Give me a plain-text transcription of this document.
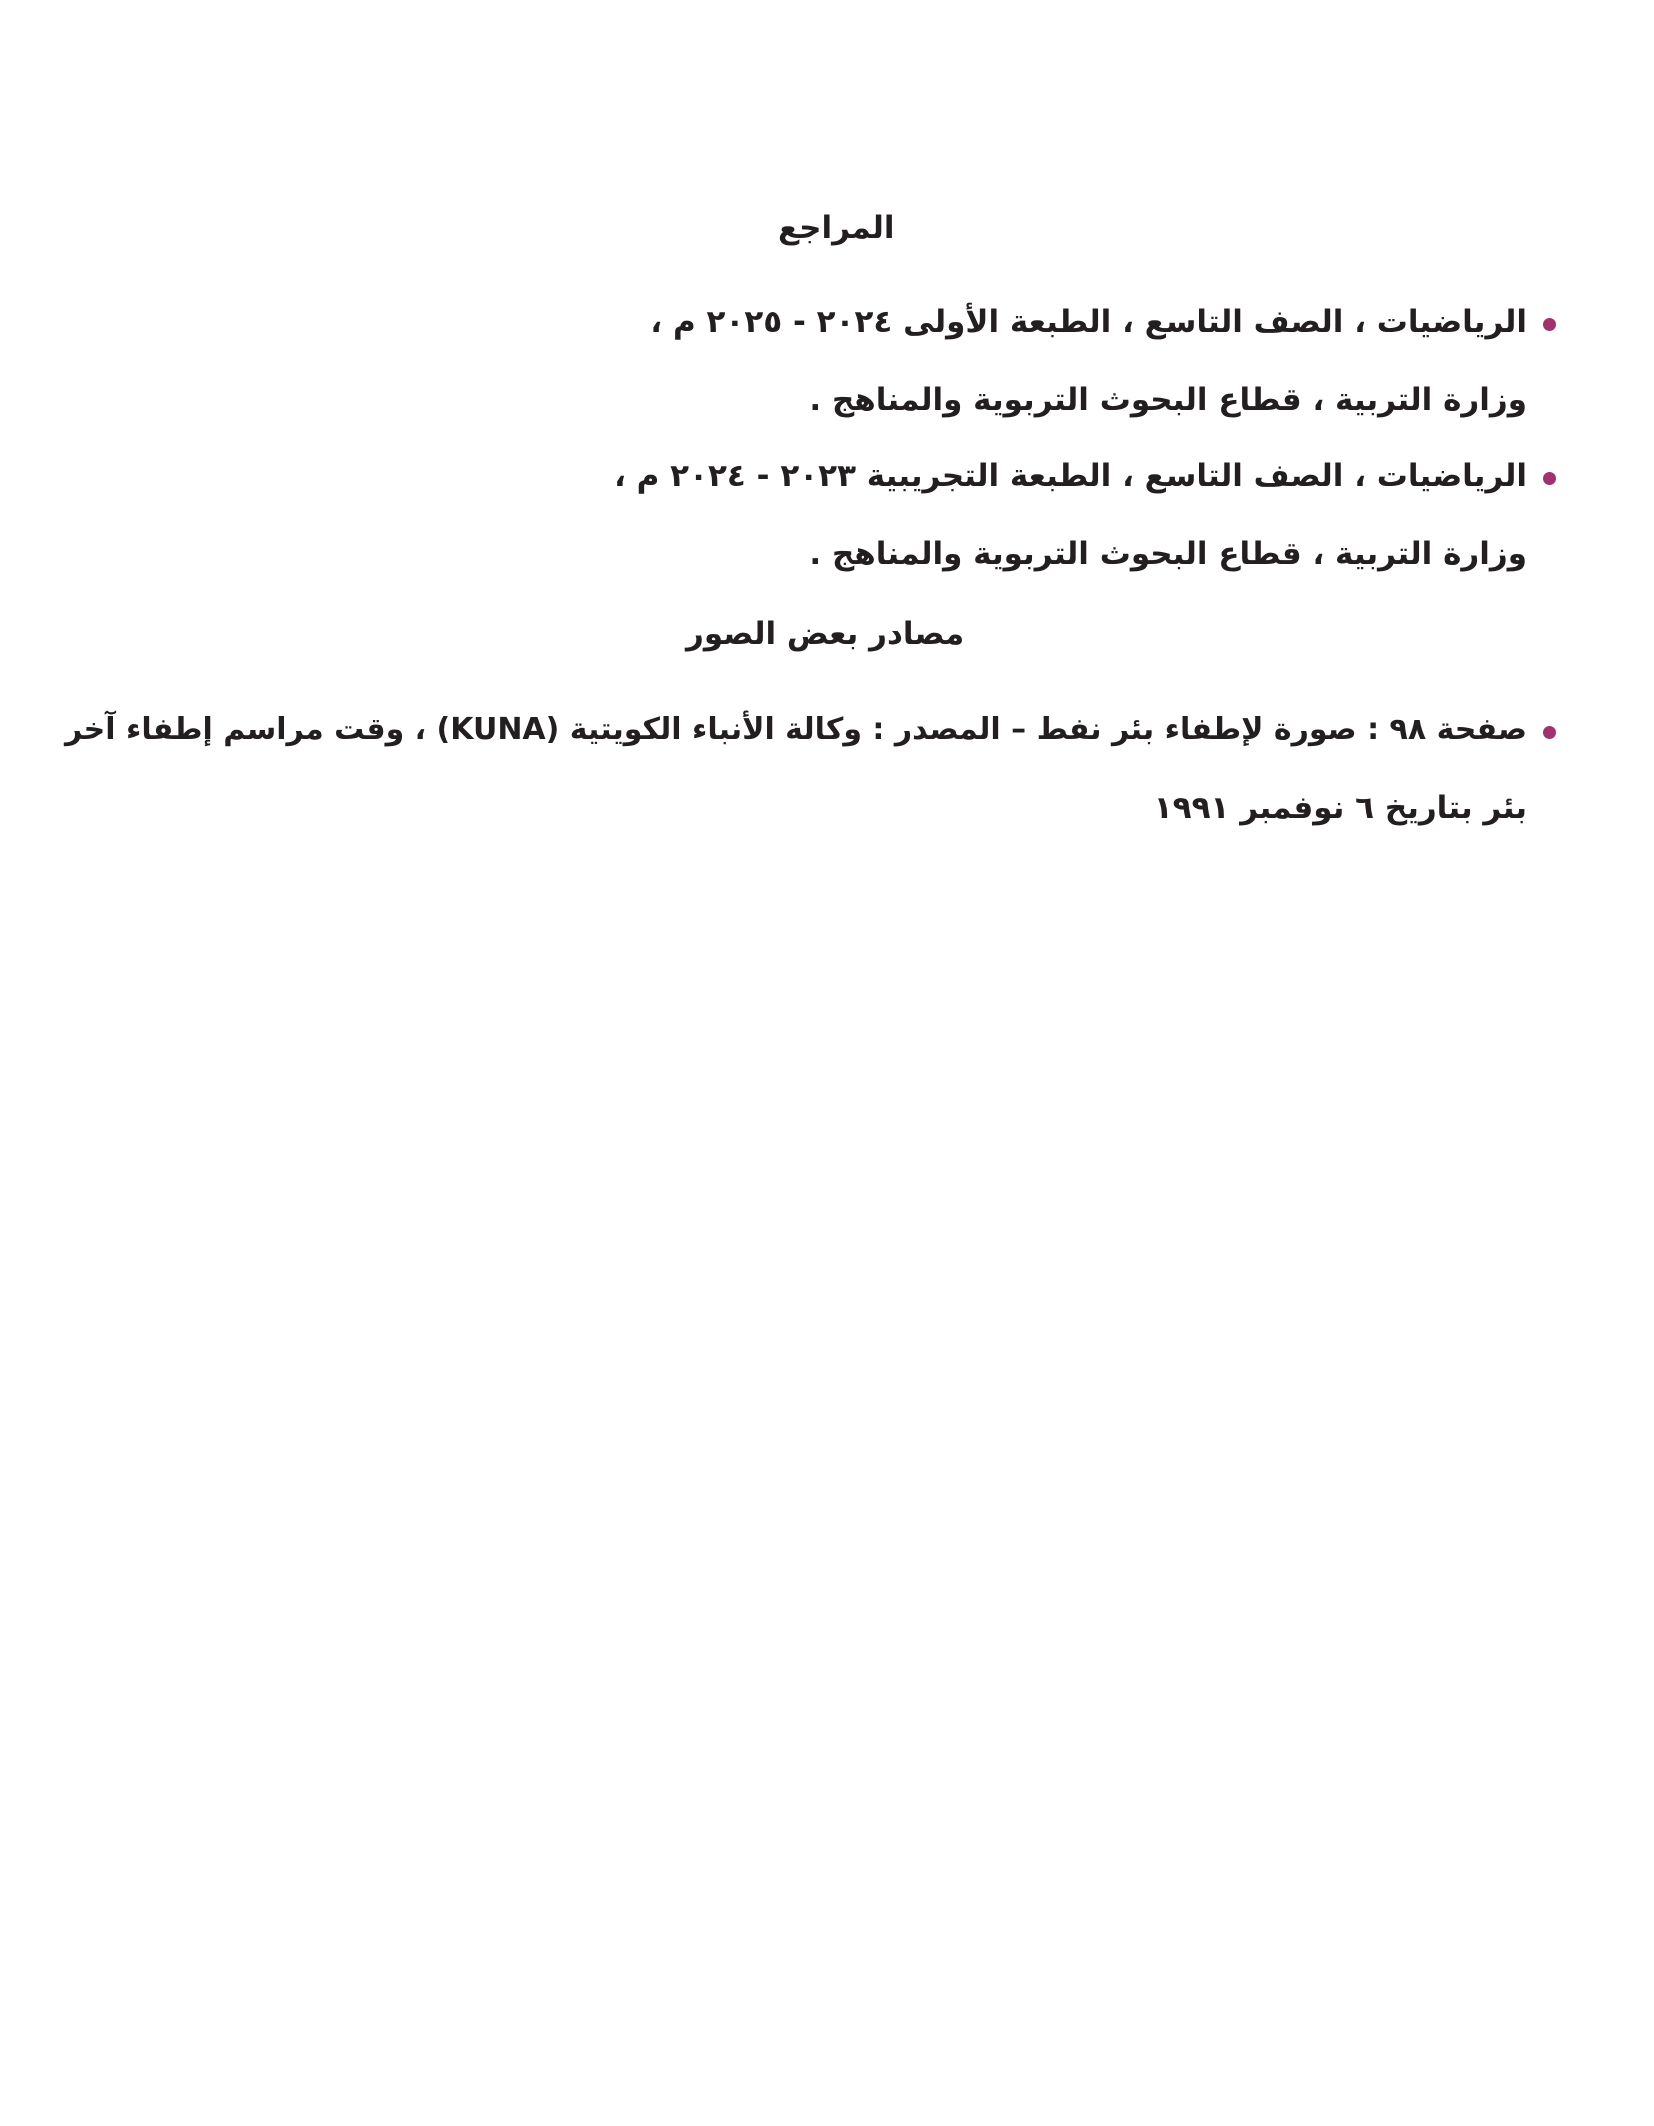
المراجع
الرياضيات ، الصف التاسع ، الطبعة الأولى ٢٠٢٤ - ٢٠٢٥ م ،
وزارة التربية ، قطاع البحوث التربوية والمناهج .
الرياضيات ، الصف التاسع ، الطبعة التجريبية ٢٠٢٣ - ٢٠٢٤ م ،
وزارة التربية ، قطاع البحوث التربوية والمناهج .
مصادر بعض الصور
صفحة ٩٨ : صورة لإطفاء بئر نفط – المصدر : وكالة الأنباء الكويتية (KUNA) ، وقت مراسم إطفاء آخر
بئر بتاريخ ٦ نوفمبر ١٩٩١
